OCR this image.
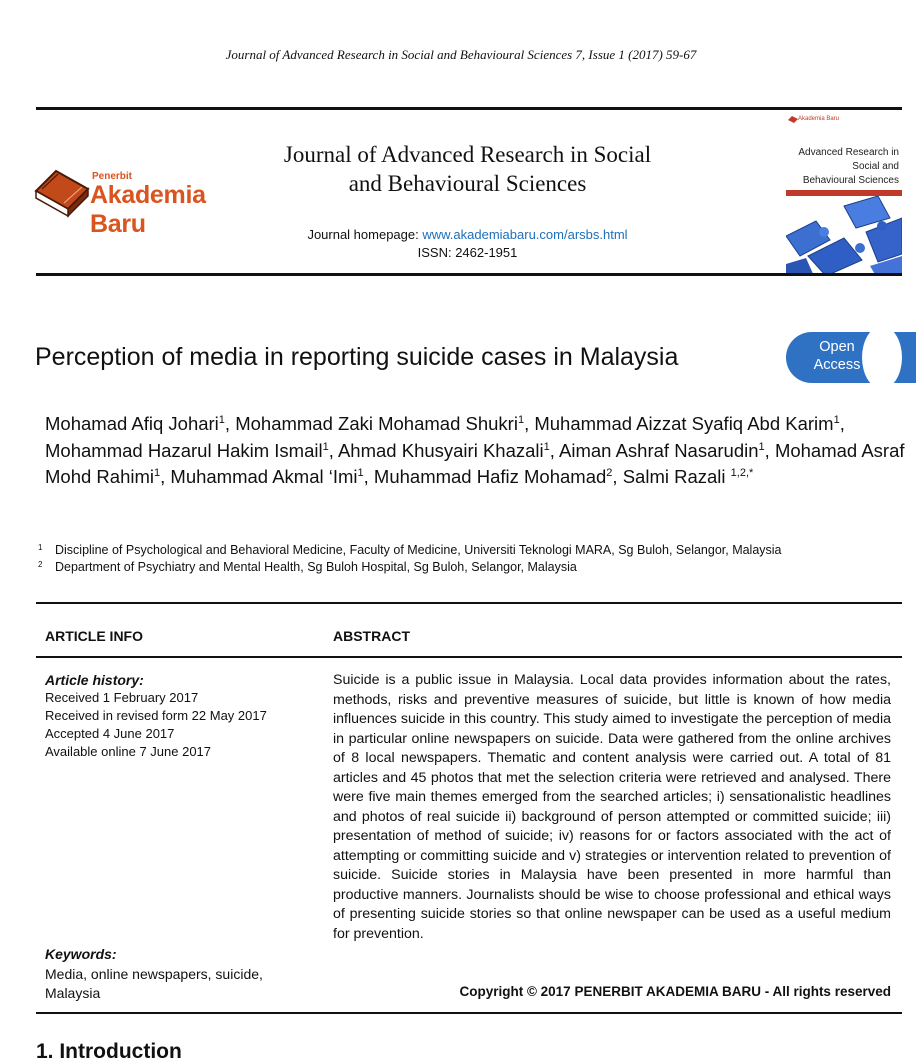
Journal of Advanced Research in Social and Behavioural Sciences 7, Issue 1 (2017) 59-67
Penerbit
Akademia Baru
Journal of Advanced Research in Social
and Behavioural Sciences
Journal homepage: www.akademiabaru.com/arsbs.html
ISSN: 2462-1951
Akademia Baru
Advanced Research in
Social and
Behavioural Sciences
Perception of media in reporting suicide cases in Malaysia	Open
Access
Mohamad Afiq Johari$^1$, Mohammad Zaki Mohamad Shukri$^1$, Muhammad Aizzat Syafiq Abd Karim$^1$, Mohammad Hazarul Hakim Ismail$^1$, Ahmad Khusyairi Khazali$^1$, Aiman Ashraf Nasarudin$^1$, Mohamad Asraf Mohd Rahimi$^1$, Muhammad Akmal ‘Imi$^1$, Muhammad Hafiz Mohamad$^2$, Salmi Razali $^{1,2,*}$
1 Discipline of Psychological and Behavioral Medicine, Faculty of Medicine, Universiti Teknologi MARA, Sg Buloh, Selangor, Malaysia
2 Department of Psychiatry and Mental Health, Sg Buloh Hospital, Sg Buloh, Selangor, Malaysia
ARTICLE INFO	ABSTRACT
Article history:
Received 1 February 2017
Received in revised form 22 May 2017
Accepted 4 June 2017
Available online 7 June 2017

Suicide is a public issue in Malaysia. Local data provides information about the rates, methods, risks and preventive measures of suicide, but little is known of how media influences suicide in this country. This study aimed to investigate the perception of media in particular online newspapers on suicide. Data were gathered from the online archives of 8 local newspapers. Thematic and content analysis were carried out. A total of 81 articles and 45 photos that met the selection criteria were retrieved and analysed. There were five main themes emerged from the searched articles; i) sensationalistic headlines and photos of real suicide ii) background of person attempted or committed suicide; iii) presentation of method of suicide; iv) reasons for or factors associated with the act of attempting or committing suicide and v) strategies or intervention related to prevention of suicide. Suicide stories in Malaysia have been presented in more harmful than productive manners. Journalists should be wise to choose professional and ethical ways of presenting suicide stories so that online newspaper can be used as a useful medium for prevention.

Keywords:
Media, online newspapers, suicide,
Malaysia	Copyright © 2017 PENERBIT AKADEMIA BARU - All rights reserved
1. Introduction
